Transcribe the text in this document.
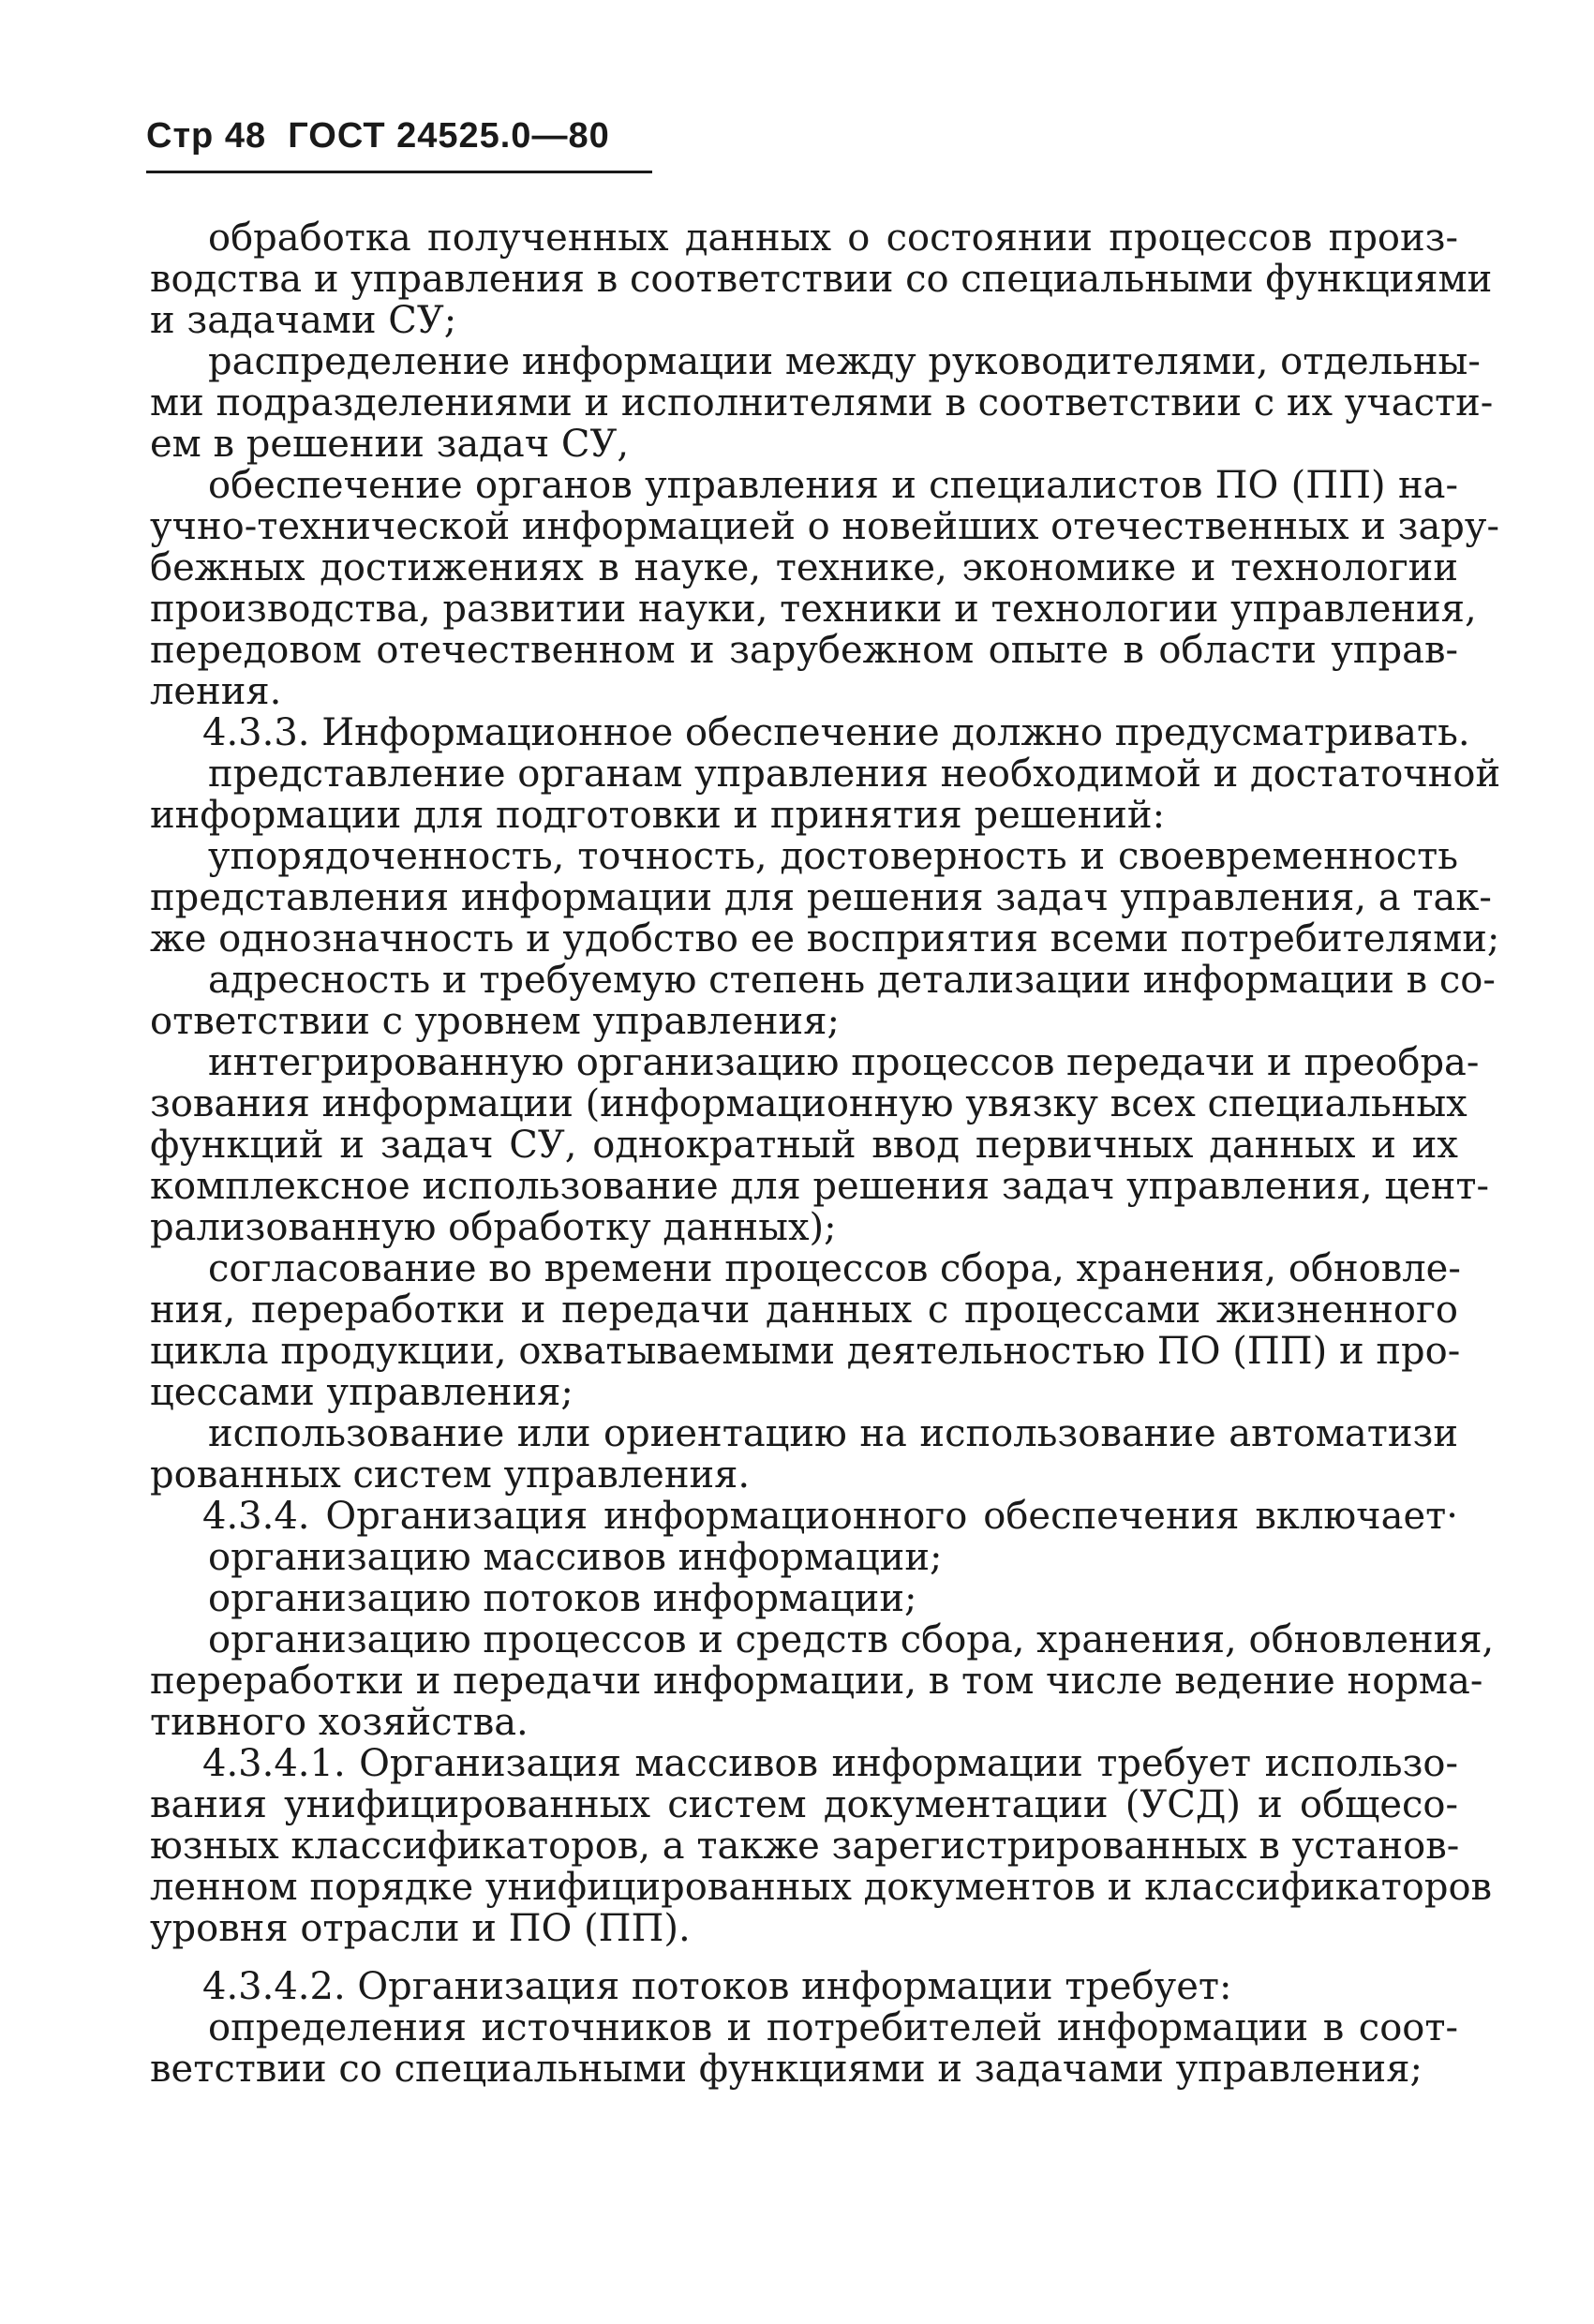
Стр 48 ГОСТ 24525.0—80
обработка полученных данных о состоянии процессов произ-
водства и управления в соответствии со специальными функциями
и задачами СУ;
распределение информации между руководителями, отдельны-
ми подразделениями и исполнителями в соответствии с их участи-
ем в решении задач СУ,
обеспечение органов управления и специалистов ПО (ПП) на-
учно-технической информацией о новейших отечественных и зару-
бежных достижениях в науке, технике, экономике и технологии
производства, развитии науки, техники и технологии управления,
передовом отечественном и зарубежном опыте в области управ-
ления.
4.3.3. Информационное обеспечение должно предусматривать.
представление органам управления необходимой и достаточной
информации для подготовки и принятия решений:
упорядоченность, точность, достоверность и своевременность
представления информации для решения задач управления, а так-
же однозначность и удобство ее восприятия всеми потребителями;
адресность и требуемую степень детализации информации в со-
ответствии с уровнем управления;
интегрированную организацию процессов передачи и преобра-
зования информации (информационную увязку всех специальных
функций и задач СУ, однократный ввод первичных данных и их
комплексное использование для решения задач управления, цент-
рализованную обработку данных);
согласование во времени процессов сбора, хранения, обновле-
ния, переработки и передачи данных с процессами жизненного
цикла продукции, охватываемыми деятельностью ПО (ПП) и про-
цессами управления;
использование или ориентацию на использование автоматизи
рованных систем управления.
4.3.4. Организация информационного обеспечения включает·
организацию массивов информации;
организацию потоков информации;
организацию процессов и средств сбора, хранения, обновления,
переработки и передачи информации, в том числе ведение норма-
тивного хозяйства.
4.3.4.1. Организация массивов информации требует использо-
вания унифицированных систем документации (УСД) и общесо-
юзных классификаторов, а также зарегистрированных в установ-
ленном порядке унифицированных документов и классификаторов
уровня отрасли и ПО (ПП).
4.3.4.2. Организация потоков информации требует:
определения источников и потребителей информации в соот-
ветствии со специальными функциями и задачами управления;
